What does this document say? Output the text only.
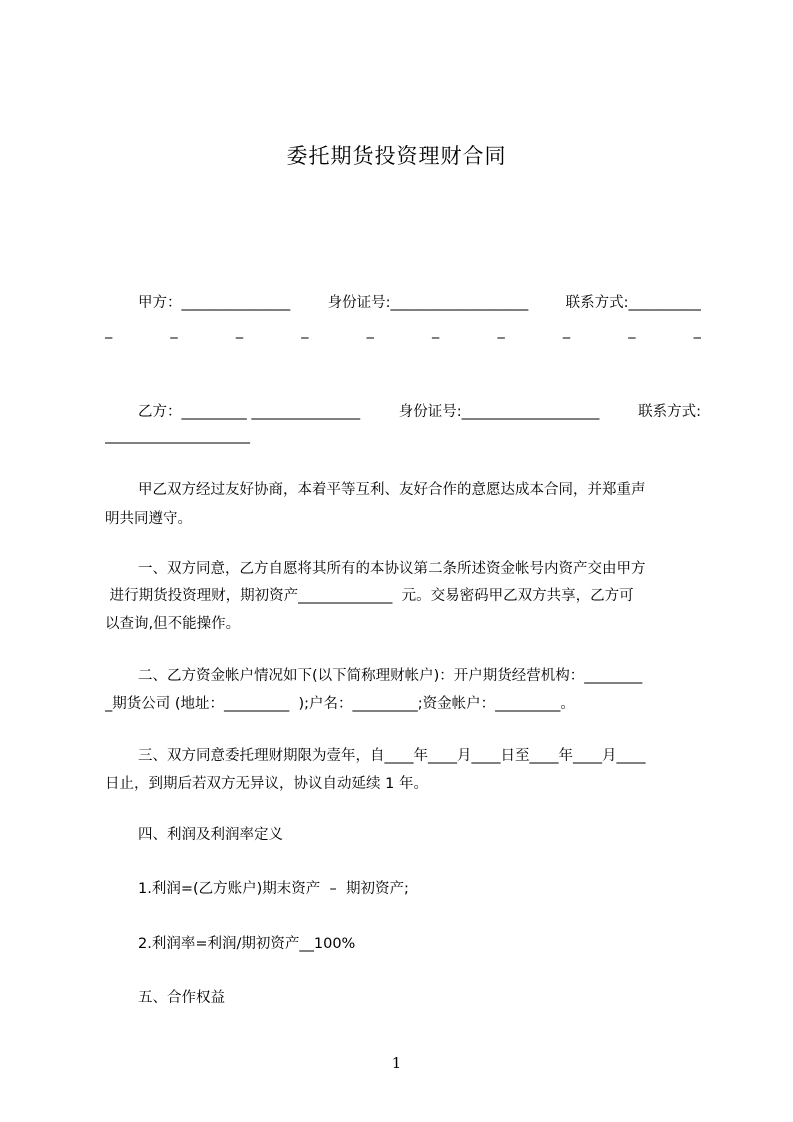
委托期货投资理财合同
甲方：_______________	身份证号:___________________	联系方式:__________
_	_	_	_	_	_	_	_	_	_
乙方：_________ _______________	身份证号:___________________	联系方式:
____________________
甲乙双方经过友好协商，本着平等互利、友好合作的意愿达成本合同，并郑重声
明共同遵守。
一、双方同意，乙方自愿将其所有的本协议第二条所述资金帐号内资产交由甲方
进行期货投资理财，期初资产_____________  元。交易密码甲乙双方共享，乙方可
以查询,但不能操作。
二、乙方资金帐户情况如下(以下简称理财帐户)：开户期货经营机构：________
_期货公司 (地址：_________  );户名：_________;资金帐户：_________。
三、双方同意委托理财期限为壹年，自____年____月____日至____年____月____
日止，到期后若双方无异议，协议自动延续 1 年。
四、利润及利润率定义
1.利润=(乙方账户)期末资产  –  期初资产;
2.利润率=利润/期初资产__100%
五、合作权益
1
